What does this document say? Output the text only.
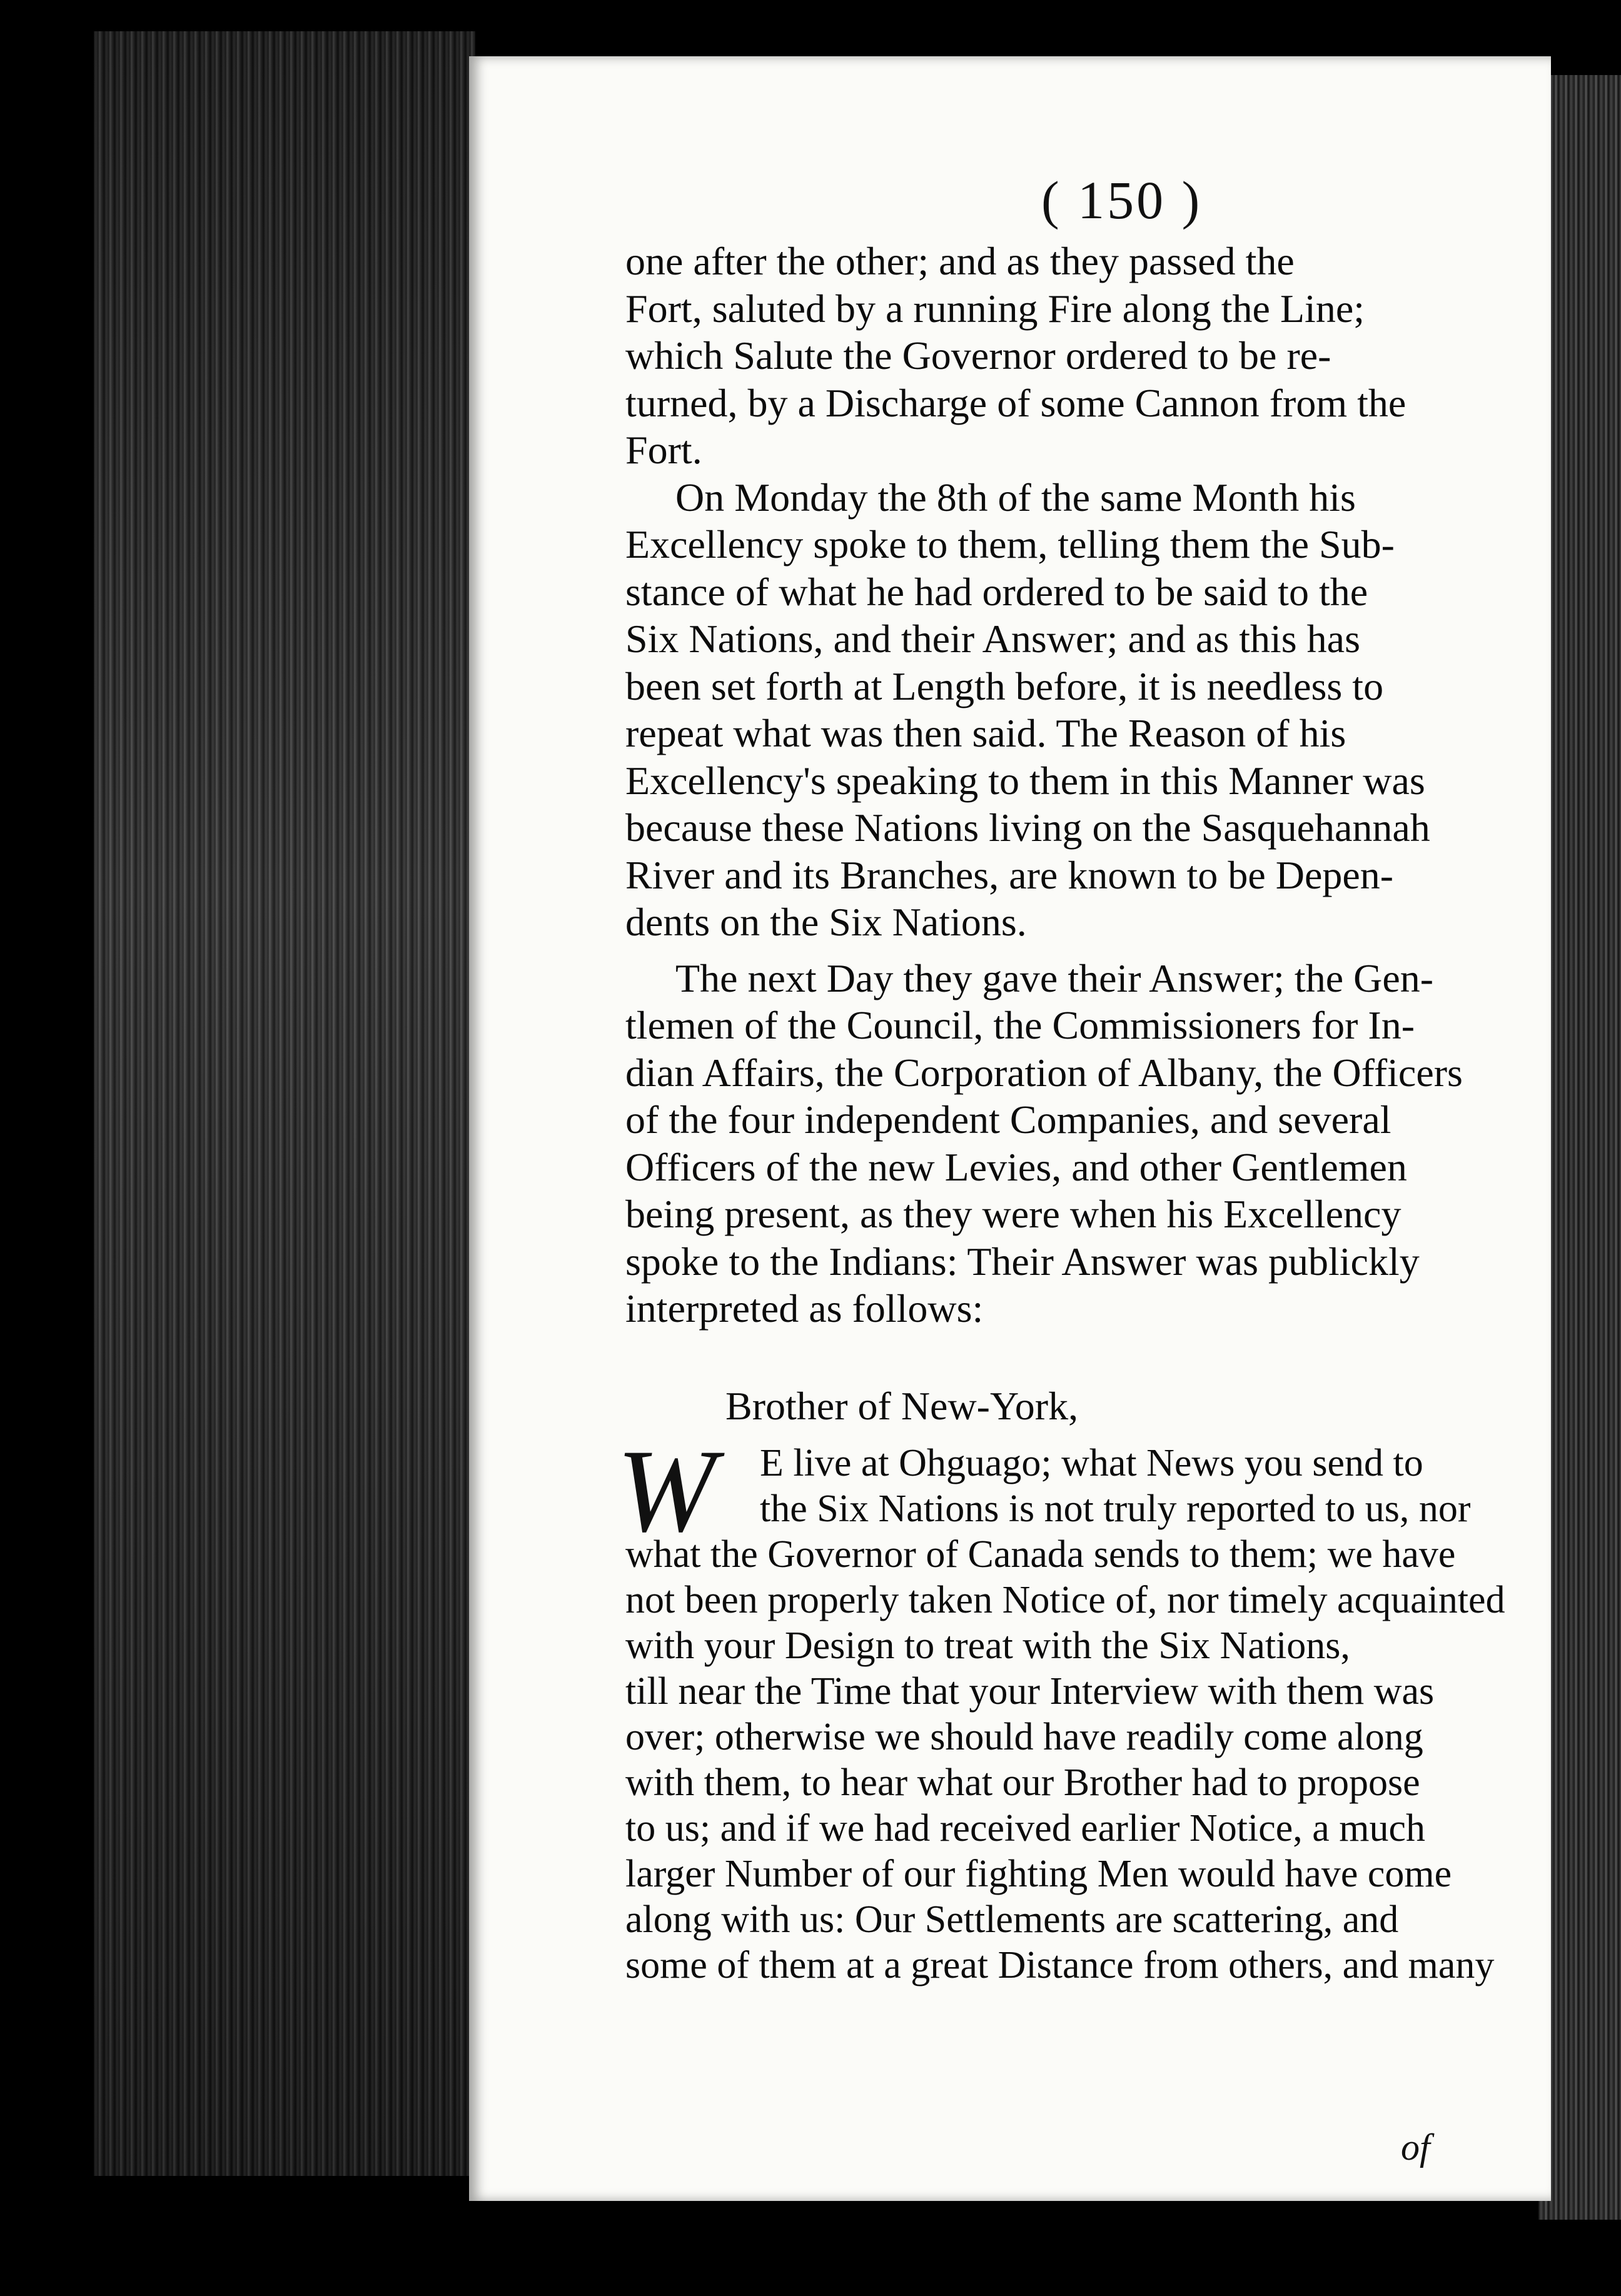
( 150 )
one after the other; and as they passed the
Fort, saluted by a running Fire along the Line;
which Salute the Governor ordered to be re-
turned, by a Discharge of some Cannon from the
Fort.
On Monday the 8th of the same Month his
Excellency spoke to them, telling them the Sub-
stance of what he had ordered to be said to the
Six Nations, and their Answer; and as this has
been set forth at Length before, it is needless to
repeat what was then said. The Reason of his
Excellency's speaking to them in this Manner was
because these Nations living on the Sasquehannah
River and its Branches, are known to be Depen-
dents on the Six Nations.
The next Day they gave their Answer; the Gen-
tlemen of the Council, the Commissioners for In-
dian Affairs, the Corporation of Albany, the Officers
of the four independent Companies, and several
Officers of the new Levies, and other Gentlemen
being present, as they were when his Excellency
spoke to the Indians: Their Answer was publickly
interpreted as follows:
Brother of New-York,
W	E live at Ohguago; what News you send to
the Six Nations is not truly reported to us, nor
what the Governor of Canada sends to them; we have
not been properly taken Notice of, nor timely acquainted
with your Design to treat with the Six Nations,
till near the Time that your Interview with them was
over; otherwise we should have readily come along
with them, to hear what our Brother had to propose
to us; and if we had received earlier Notice, a much
larger Number of our fighting Men would have come
along with us: Our Settlements are scattering, and
some of them at a great Distance from others, and many
of
